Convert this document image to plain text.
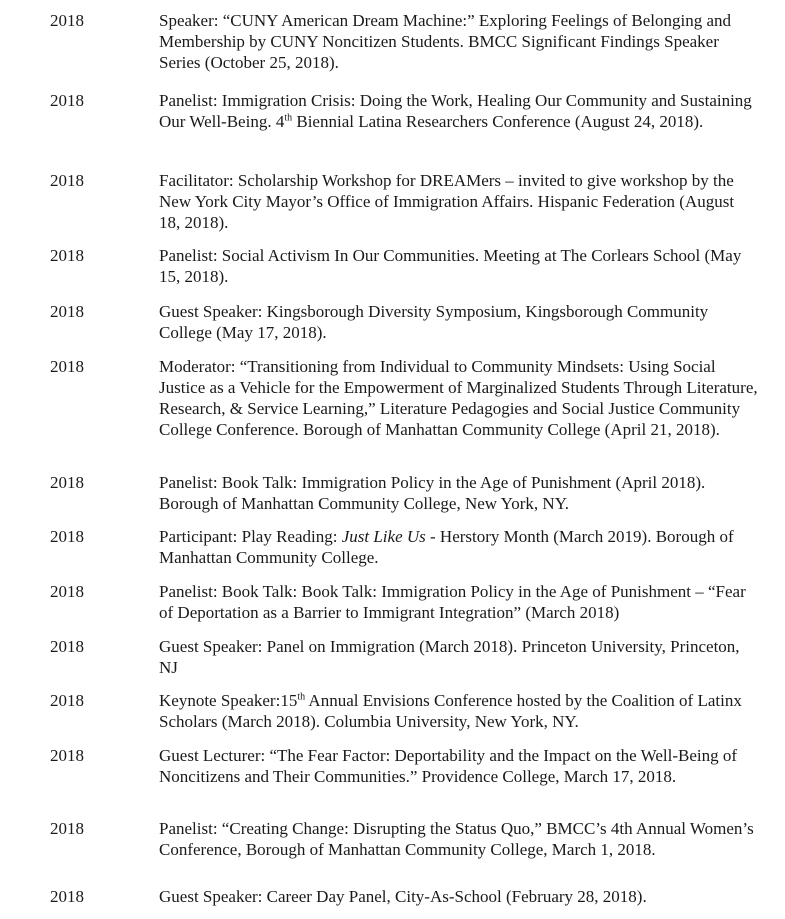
2018	Speaker: “CUNY American Dream Machine:” Exploring Feelings of Belonging and Membership by CUNY Noncitizen Students. BMCC Significant Findings Speaker Series (October 25, 2018).
2018	Panelist: Immigration Crisis: Doing the Work, Healing Our Community and Sustaining Our Well-Being. 4th Biennial Latina Researchers Conference (August 24, 2018).
2018	Facilitator: Scholarship Workshop for DREAMers – invited to give workshop by the New York City Mayor’s Office of Immigration Affairs. Hispanic Federation (August 18, 2018).
2018	Panelist: Social Activism In Our Communities. Meeting at The Corlears School (May 15, 2018).
2018	Guest Speaker: Kingsborough Diversity Symposium, Kingsborough Community College (May 17, 2018).
2018	Moderator: “Transitioning from Individual to Community Mindsets: Using Social Justice as a Vehicle for the Empowerment of Marginalized Students Through Literature, Research, & Service Learning,” Literature Pedagogies and Social Justice Community College Conference. Borough of Manhattan Community College (April 21, 2018).
2018	Panelist: Book Talk: Immigration Policy in the Age of Punishment (April 2018). Borough of Manhattan Community College, New York, NY.
2018	Participant: Play Reading: Just Like Us - Herstory Month (March 2019). Borough of Manhattan Community College.
2018	Panelist: Book Talk: Book Talk: Immigration Policy in the Age of Punishment – “Fear of Deportation as a Barrier to Immigrant Integration” (March 2018)
2018	Guest Speaker: Panel on Immigration (March 2018). Princeton University, Princeton, NJ
2018	Keynote Speaker:15th Annual Envisions Conference hosted by the Coalition of Latinx Scholars (March 2018). Columbia University, New York, NY.
2018	Guest Lecturer: “The Fear Factor: Deportability and the Impact on the Well-Being of Noncitizens and Their Communities.” Providence College, March 17, 2018.
2018	Panelist: “Creating Change: Disrupting the Status Quo,” BMCC’s 4th Annual Women’s Conference, Borough of Manhattan Community College, March 1, 2018.
2018	Guest Speaker: Career Day Panel, City-As-School (February 28, 2018).
